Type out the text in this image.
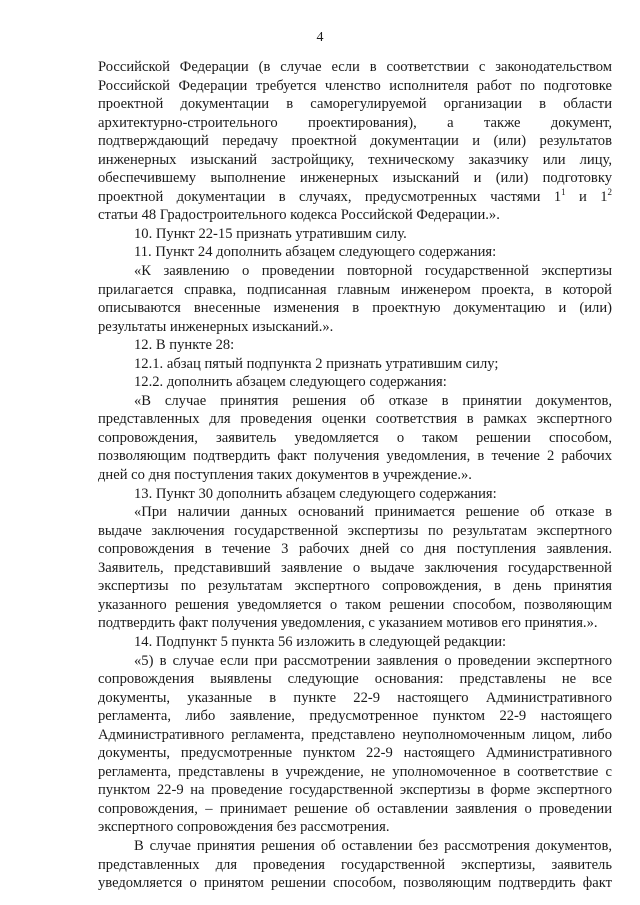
4
Российской Федерации (в случае если в соответствии с законодательством
Российской Федерации требуется членство исполнителя работ по подготовке
проектной документации в саморегулируемой организации в области
архитектурно-строительного проектирования), а также документ,
подтверждающий передачу проектной документации и (или) результатов
инженерных изысканий застройщику, техническому заказчику или лицу,
обеспечившему выполнение инженерных изысканий и (или) подготовку
проектной документации в случаях, предусмотренных частями $1^1$ и $1^2$
статьи 48 Градостроительного кодекса Российской Федерации.».
10. Пункт 22-15 признать утратившим силу.
11. Пункт 24 дополнить абзацем следующего содержания:
«К заявлению о проведении повторной государственной экспертизы
прилагается справка, подписанная главным инженером проекта, в которой
описываются внесенные изменения в проектную документацию и (или)
результаты инженерных изысканий.».
12. В пункте 28:
12.1. абзац пятый подпункта 2 признать утратившим силу;
12.2. дополнить абзацем следующего содержания:
«В случае принятия решения об отказе в принятии документов,
представленных для проведения оценки соответствия в рамках экспертного
сопровождения, заявитель уведомляется о таком решении способом,
позволяющим подтвердить факт получения уведомления, в течение 2 рабочих
дней со дня поступления таких документов в учреждение.».
13. Пункт 30 дополнить абзацем следующего содержания:
«При наличии данных оснований принимается решение об отказе в
выдаче заключения государственной экспертизы по результатам экспертного
сопровождения в течение 3 рабочих дней со дня поступления заявления.
Заявитель, представивший заявление о выдаче заключения государственной
экспертизы по результатам экспертного сопровождения, в день принятия
указанного решения уведомляется о таком решении способом, позволяющим
подтвердить факт получения уведомления, с указанием мотивов его принятия.».
14. Подпункт 5 пункта 56 изложить в следующей редакции:
«5) в случае если при рассмотрении заявления о проведении экспертного
сопровождения выявлены следующие основания: представлены не все
документы, указанные в пункте 22-9 настоящего Административного
регламента, либо заявление, предусмотренное пунктом 22-9 настоящего
Административного регламента, представлено неуполномоченным лицом, либо
документы, предусмотренные пунктом 22-9 настоящего Административного
регламента, представлены в учреждение, не уполномоченное в соответствие с
пунктом 22-9 на проведение государственной экспертизы в форме экспертного
сопровождения, – принимает решение об оставлении заявления о проведении
экспертного сопровождения без рассмотрения.
В случае принятия решения об оставлении без рассмотрения документов,
представленных для проведения государственной экспертизы, заявитель
уведомляется о принятом решении способом, позволяющим подтвердить факт
